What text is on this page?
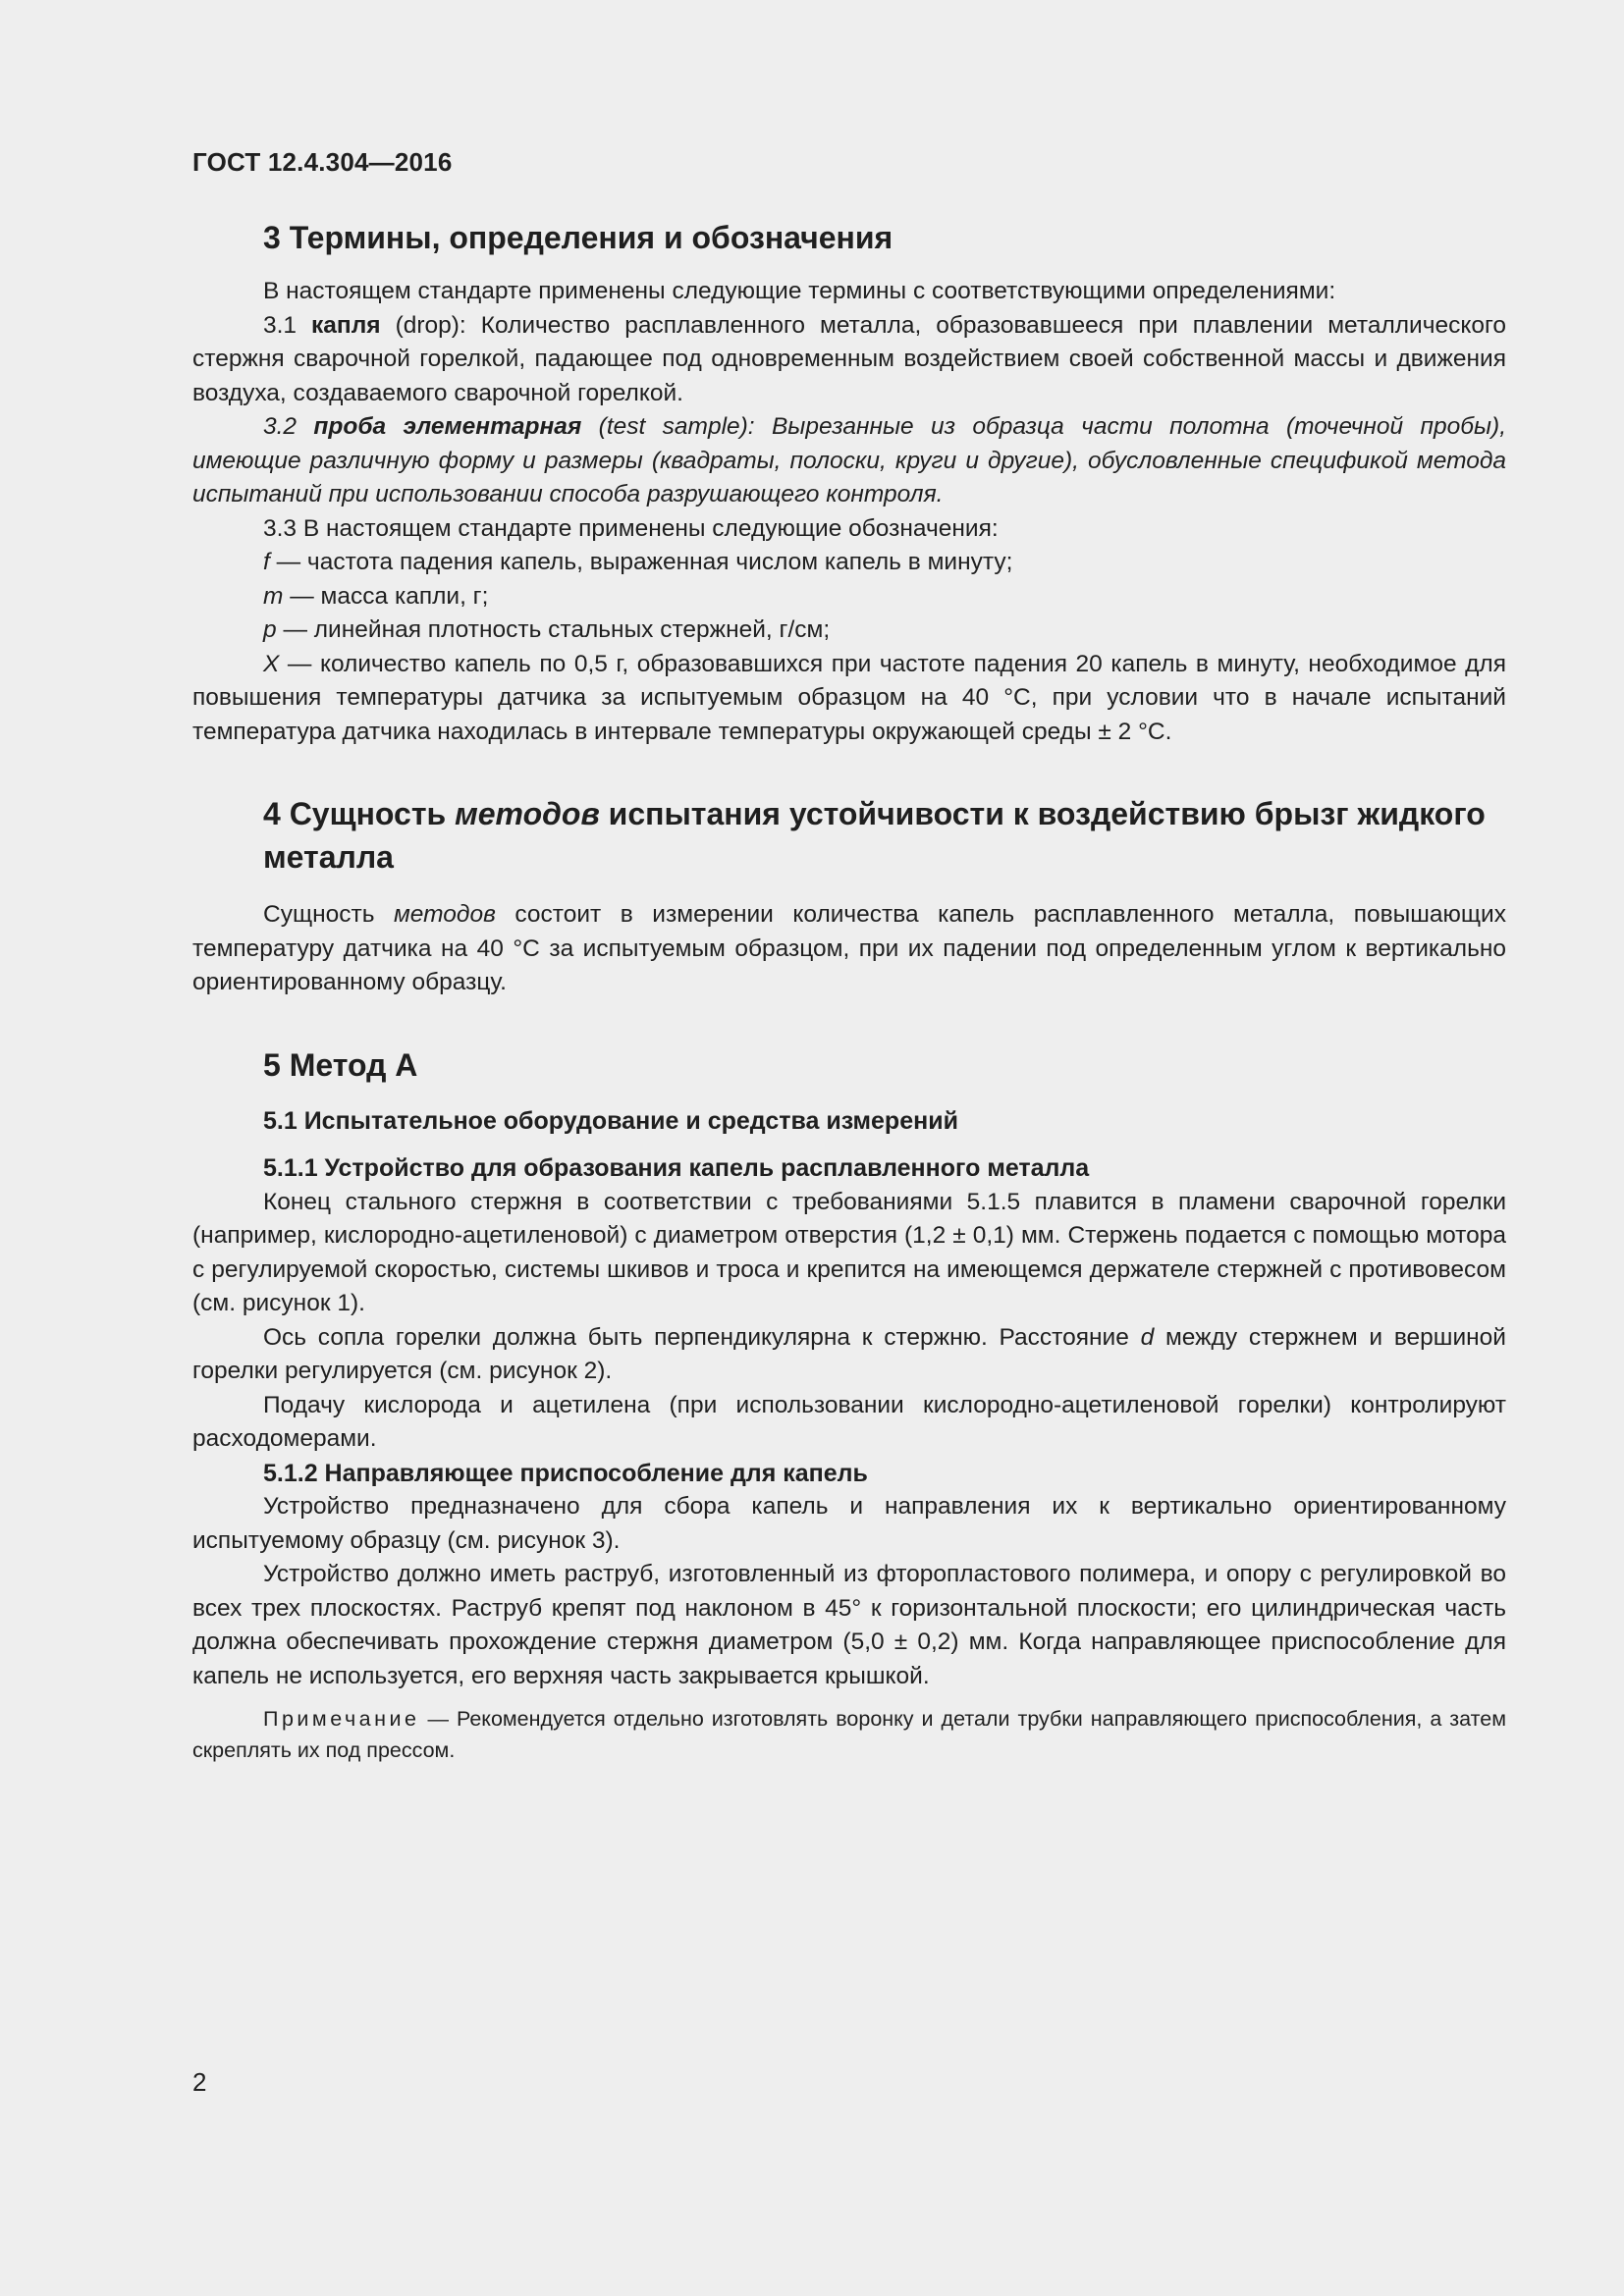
ГОСТ 12.4.304—2016
3 Термины, определения и обозначения

В настоящем стандарте применены следующие термины с соответствующими определениями:

3.1 капля (drop): Количество расплавленного металла, образовавшееся при плавлении металлического стержня сварочной горелкой, падающее под одновременным воздействием своей собственной массы и движения воздуха, создаваемого сварочной горелкой.

3.2 проба элементарная (test sample): Вырезанные из образца части полотна (точечной пробы), имеющие различную форму и размеры (квадраты, полоски, круги и другие), обусловленные спецификой метода испытаний при использовании способа разрушающего контроля.

3.3 В настоящем стандарте применены следующие обозначения:

f — частота падения капель, выраженная числом капель в минуту;

m — масса капли, г;

p — линейная плотность стальных стержней, г/см;

X — количество капель по 0,5 г, образовавшихся при частоте падения 20 капель в минуту, необходимое для повышения температуры датчика за испытуемым образцом на 40 °С, при условии что в начале испытаний температура датчика находилась в интервале температуры окружающей среды ± 2 °С.

4 Сущность методов испытания устойчивости к воздействию брызг жидкого металла

Сущность методов состоит в измерении количества капель расплавленного металла, повышающих температуру датчика на 40 °С за испытуемым образцом, при их падении под определенным углом к вертикально ориентированному образцу.

5 Метод А
5.1 Испытательное оборудование и средства измерений
5.1.1 Устройство для образования капель расплавленного металла

Конец стального стержня в соответствии с требованиями 5.1.5 плавится в пламени сварочной горелки (например, кислородно-ацетиленовой) с диаметром отверстия (1,2 ± 0,1) мм. Стержень подается с помощью мотора с регулируемой скоростью, системы шкивов и троса и крепится на имеющемся держателе стержней с противовесом (см. рисунок 1).

Ось сопла горелки должна быть перпендикулярна к стержню. Расстояние d между стержнем и вершиной горелки регулируется (см. рисунок 2).

Подачу кислорода и ацетилена (при использовании кислородно-ацетиленовой горелки) контролируют расходомерами.

5.1.2 Направляющее приспособление для капель

Устройство предназначено для сбора капель и направления их к вертикально ориентированному испытуемому образцу (см. рисунок 3).

Устройство должно иметь раструб, изготовленный из фторопластового полимера, и опору с регулировкой во всех трех плоскостях. Раструб крепят под наклоном в 45° к горизонтальной плоскости; его цилиндрическая часть должна обеспечивать прохождение стержня диаметром (5,0 ± 0,2) мм. Когда направляющее приспособление для капель не используется, его верхняя часть закрывается крышкой.

Примечание — Рекомендуется отдельно изготовлять воронку и детали трубки направляющего приспособления, а затем скреплять их под прессом.

2
